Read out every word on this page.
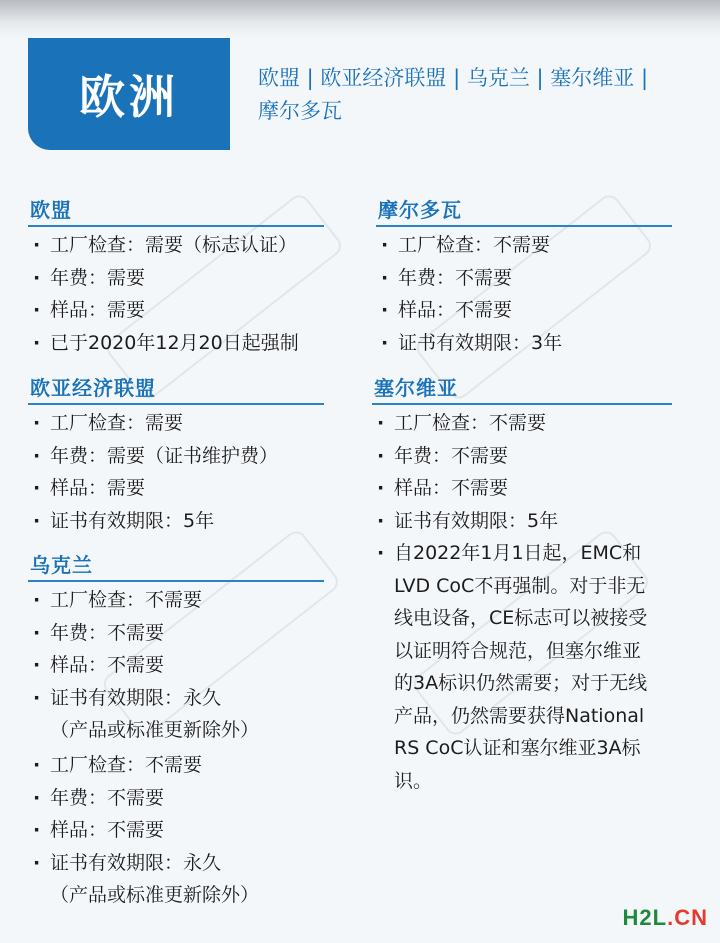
欧洲	欧盟 | 欧亚经济联盟 | 乌克兰 | 塞尔维亚 |
摩尔多瓦
欧盟
· 工厂检查：需要（标志认证）
· 年费：需要
· 样品：需要
· 已于2020年12月20日起强制
欧亚经济联盟
· 工厂检查：需要
· 年费：需要（证书维护费）
· 样品：需要
· 证书有效期限：5年
乌克兰
· 工厂检查：不需要
· 年费：不需要
· 样品：不需要
· 证书有效期限：永久
（产品或标准更新除外）
· 工厂检查：不需要
· 年费：不需要
· 样品：不需要
· 证书有效期限：永久
（产品或标准更新除外）
摩尔多瓦
· 工厂检查：不需要
· 年费：不需要
· 样品：不需要
· 证书有效期限：3年
塞尔维亚
· 工厂检查：不需要
· 年费：不需要
· 样品：不需要
· 证书有效期限：5年
· 自2022年1月1日起，EMC和
LVD CoC不再强制。对于非无
线电设备，CE标志可以被接受
以证明符合规范，但塞尔维亚
的3A标识仍然需要；对于无线
产品，仍然需要获得National
RS CoC认证和塞尔维亚3A标
识。
H2L.CN
